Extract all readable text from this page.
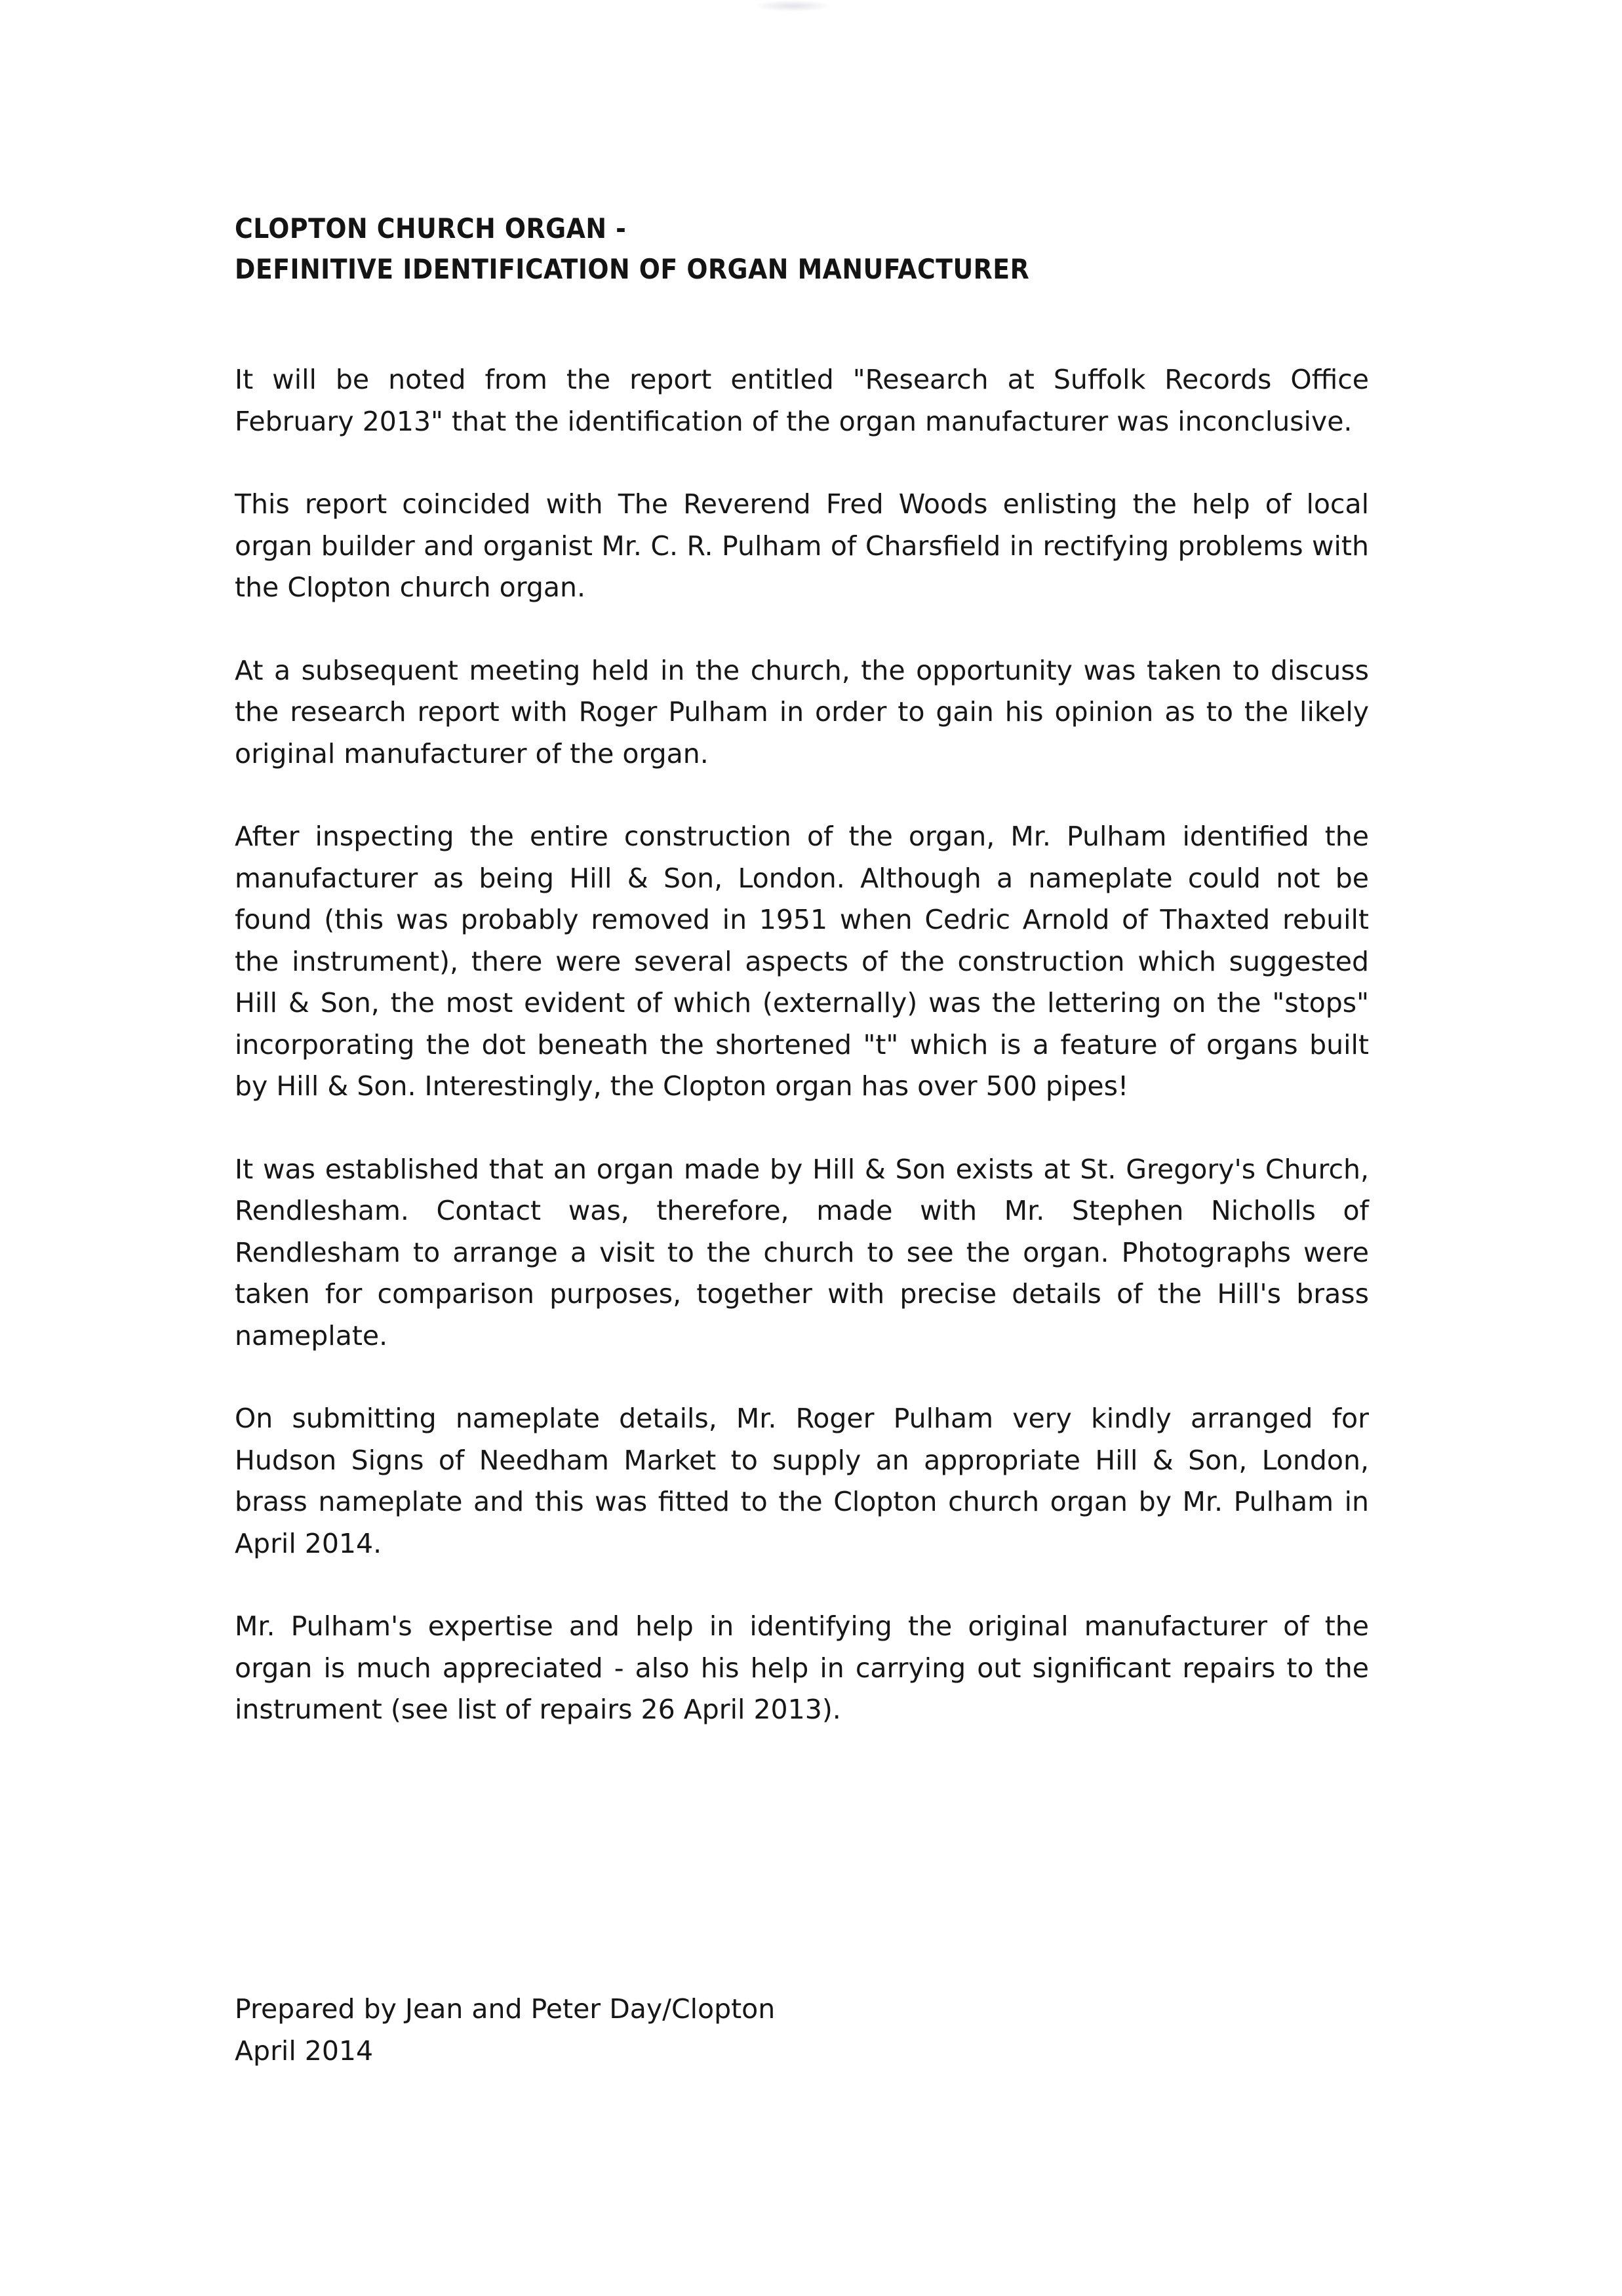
CLOPTON CHURCH ORGAN -
DEFINITIVE IDENTIFICATION OF ORGAN MANUFACTURER

It will be noted from the report entitled "Research at Suffolk Records Office February 2013" that the identification of the organ manufacturer was inconclusive.

This report coincided with The Reverend Fred Woods enlisting the help of local organ builder and organist Mr. C. R. Pulham of Charsfield in rectifying problems with the Clopton church organ.

At a subsequent meeting held in the church, the opportunity was taken to discuss the research report with Roger Pulham in order to gain his opinion as to the likely original manufacturer of the organ.

After inspecting the entire construction of the organ, Mr. Pulham identified the manufacturer as being Hill & Son, London. Although a nameplate could not be found (this was probably removed in 1951 when Cedric Arnold of Thaxted rebuilt the instrument), there were several aspects of the construction which suggested Hill & Son, the most evident of which (externally) was the lettering on the "stops" incorporating the dot beneath the shortened "t" which is a feature of organs built by Hill & Son. Interestingly, the Clopton organ has over 500 pipes!

It was established that an organ made by Hill & Son exists at St. Gregory's Church, Rendlesham. Contact was, therefore, made with Mr. Stephen Nicholls of Rendlesham to arrange a visit to the church to see the organ. Photographs were taken for comparison purposes, together with precise details of the Hill's brass nameplate.

On submitting nameplate details, Mr. Roger Pulham very kindly arranged for Hudson Signs of Needham Market to supply an appropriate Hill & Son, London, brass nameplate and this was fitted to the Clopton church organ by Mr. Pulham in April 2014.

Mr. Pulham's expertise and help in identifying the original manufacturer of the organ is much appreciated - also his help in carrying out significant repairs to the instrument (see list of repairs 26 April 2013).

Prepared by Jean and Peter Day/Clopton
April 2014
